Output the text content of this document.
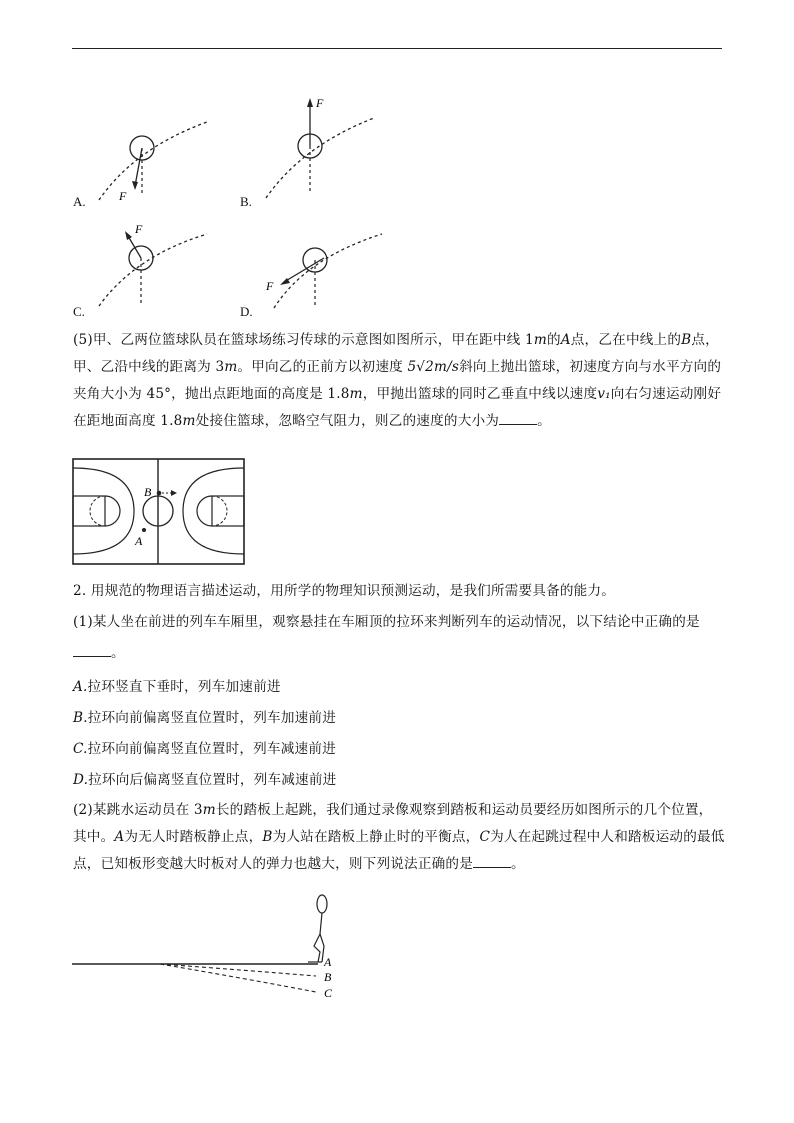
F
A.
F
B.
F
C.
F
D.
(5)甲、乙两位篮球队员在篮球场练习传球的示意图如图所示，甲在距中线 1m的A点，乙在中线上的B点，
甲、乙沿中线的距离为 3m。甲向乙的正前方以初速度 5√2m/s斜向上抛出篮球，初速度方向与水平方向的
夹角大小为 45°，抛出点距地面的高度是 1.8m，甲抛出篮球的同时乙垂直中线以速度v₁向右匀速运动刚好
在距地面高度 1.8m处接住篮球，忽略空气阻力，则乙的速度的大小为	。
B
A
2. 用规范的物理语言描述运动，用所学的物理知识预测运动，是我们所需要具备的能力。
(1)某人坐在前进的列车车厢里，观察悬挂在车厢顶的拉环来判断列车的运动情况，以下结论中正确的是
。
A.拉环竖直下垂时，列车加速前进
B.拉环向前偏离竖直位置时，列车加速前进
C.拉环向前偏离竖直位置时，列车减速前进
D.拉环向后偏离竖直位置时，列车减速前进
(2)某跳水运动员在 3m长的踏板上起跳，我们通过录像观察到踏板和运动员要经历如图所示的几个位置，
其中。A为无人时踏板静止点，B为人站在踏板上静止时的平衡点，C为人在起跳过程中人和踏板运动的最低
点，已知板形变越大时板对人的弹力也越大，则下列说法正确的是	。
A
B
C
